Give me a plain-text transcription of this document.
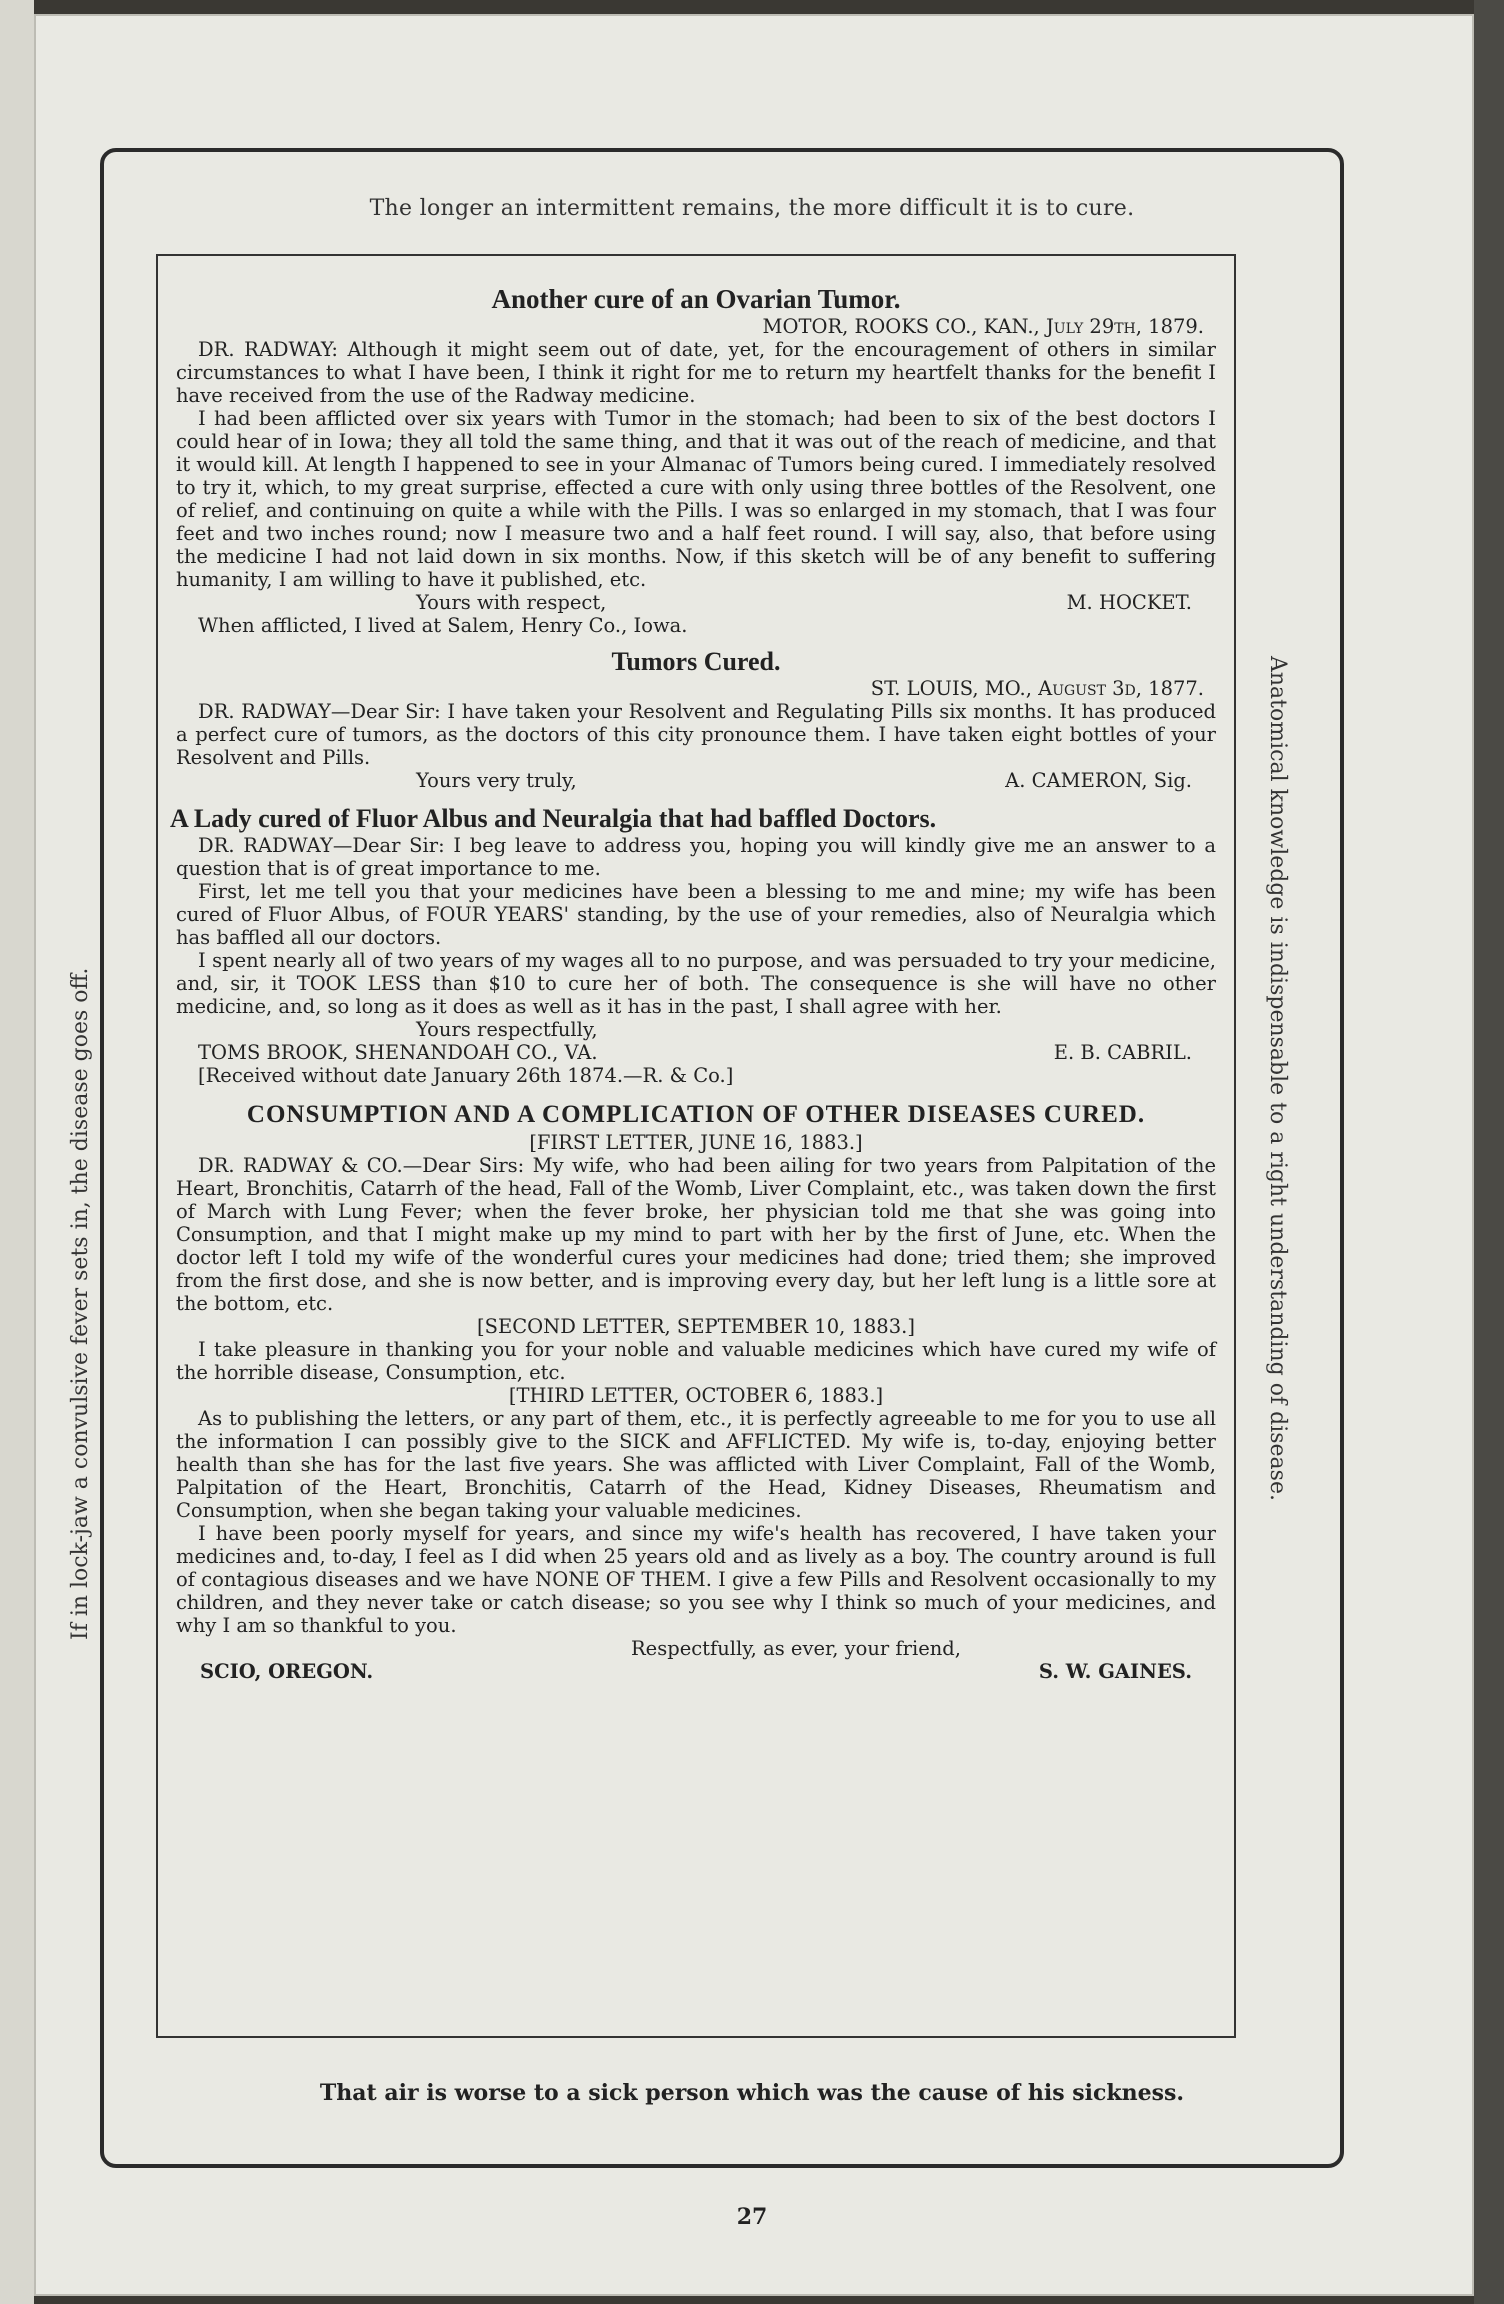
The longer an intermittent remains, the more difficult it is to cure.
If in lock-jaw a convulsive fever sets in, the disease goes off.	Anatomical knowledge is indispensable to a right understanding of disease.
Another cure of an Ovarian Tumor.
MOTOR, ROOKS CO., KAN., July 29th, 1879.

DR. RADWAY: Although it might seem out of date, yet, for the encouragement of others in similar circumstances to what I have been, I think it right for me to return my heartfelt thanks for the benefit I have received from the use of the Radway medicine.

I had been afflicted over six years with Tumor in the stomach; had been to six of the best doctors I could hear of in Iowa; they all told the same thing, and that it was out of the reach of medicine, and that it would kill. At length I happened to see in your Almanac of Tumors being cured. I immediately resolved to try it, which, to my great surprise, effected a cure with only using three bottles of the Resolvent, one of relief, and continuing on quite a while with the Pills. I was so enlarged in my stomach, that I was four feet and two inches round; now I measure two and a half feet round. I will say, also, that before using the medicine I had not laid down in six months. Now, if this sketch will be of any benefit to suffering humanity, I am willing to have it published, etc.

Yours with respect,	M. HOCKET.

When afflicted, I lived at Salem, Henry Co., Iowa.

Tumors Cured.
ST. LOUIS, MO., August 3d, 1877.

DR. RADWAY—Dear Sir: I have taken your Resolvent and Regulating Pills six months. It has produced a perfect cure of tumors, as the doctors of this city pronounce them. I have taken eight bottles of your Resolvent and Pills.

Yours very truly,	A. CAMERON, Sig.
A Lady cured of Fluor Albus and Neuralgia that had baffled Doctors.

DR. RADWAY—Dear Sir: I beg leave to address you, hoping you will kindly give me an answer to a question that is of great importance to me.

First, let me tell you that your medicines have been a blessing to me and mine; my wife has been cured of Fluor Albus, of FOUR YEARS' standing, by the use of your remedies, also of Neuralgia which has baffled all our doctors.

I spent nearly all of two years of my wages all to no purpose, and was persuaded to try your medicine, and, sir, it TOOK LESS than $10 to cure her of both. The consequence is she will have no other medicine, and, so long as it does as well as it has in the past, I shall agree with her.

Yours respectfully,
TOMS BROOK, SHENANDOAH CO., VA.	E. B. CABRIL.

[Received without date January 26th 1874.—R. & Co.]

CONSUMPTION AND A COMPLICATION OF OTHER DISEASES CURED.
[FIRST LETTER, JUNE 16, 1883.]

DR. RADWAY & CO.—Dear Sirs: My wife, who had been ailing for two years from Palpitation of the Heart, Bronchitis, Catarrh of the head, Fall of the Womb, Liver Complaint, etc., was taken down the first of March with Lung Fever; when the fever broke, her physician told me that she was going into Consumption, and that I might make up my mind to part with her by the first of June, etc. When the doctor left I told my wife of the wonderful cures your medicines had done; tried them; she improved from the first dose, and she is now better, and is improving every day, but her left lung is a little sore at the bottom, etc.

[SECOND LETTER, SEPTEMBER 10, 1883.]

I take pleasure in thanking you for your noble and valuable medicines which have cured my wife of the horrible disease, Consumption, etc.

[THIRD LETTER, OCTOBER 6, 1883.]

As to publishing the letters, or any part of them, etc., it is perfectly agreeable to me for you to use all the information I can possibly give to the SICK and AFFLICTED. My wife is, to-day, enjoying better health than she has for the last five years. She was afflicted with Liver Complaint, Fall of the Womb, Palpitation of the Heart, Bronchitis, Catarrh of the Head, Kidney Diseases, Rheumatism and Consumption, when she began taking your valuable medicines.

I have been poorly myself for years, and since my wife's health has recovered, I have taken your medicines and, to-day, I feel as I did when 25 years old and as lively as a boy. The country around is full of contagious diseases and we have NONE OF THEM. I give a few Pills and Resolvent occasionally to my children, and they never take or catch disease; so you see why I think so much of your medicines, and why I am so thankful to you.

Respectfully, as ever, your friend,
SCIO, OREGON.	S. W. GAINES.
That air is worse to a sick person which was the cause of his sickness.
27
